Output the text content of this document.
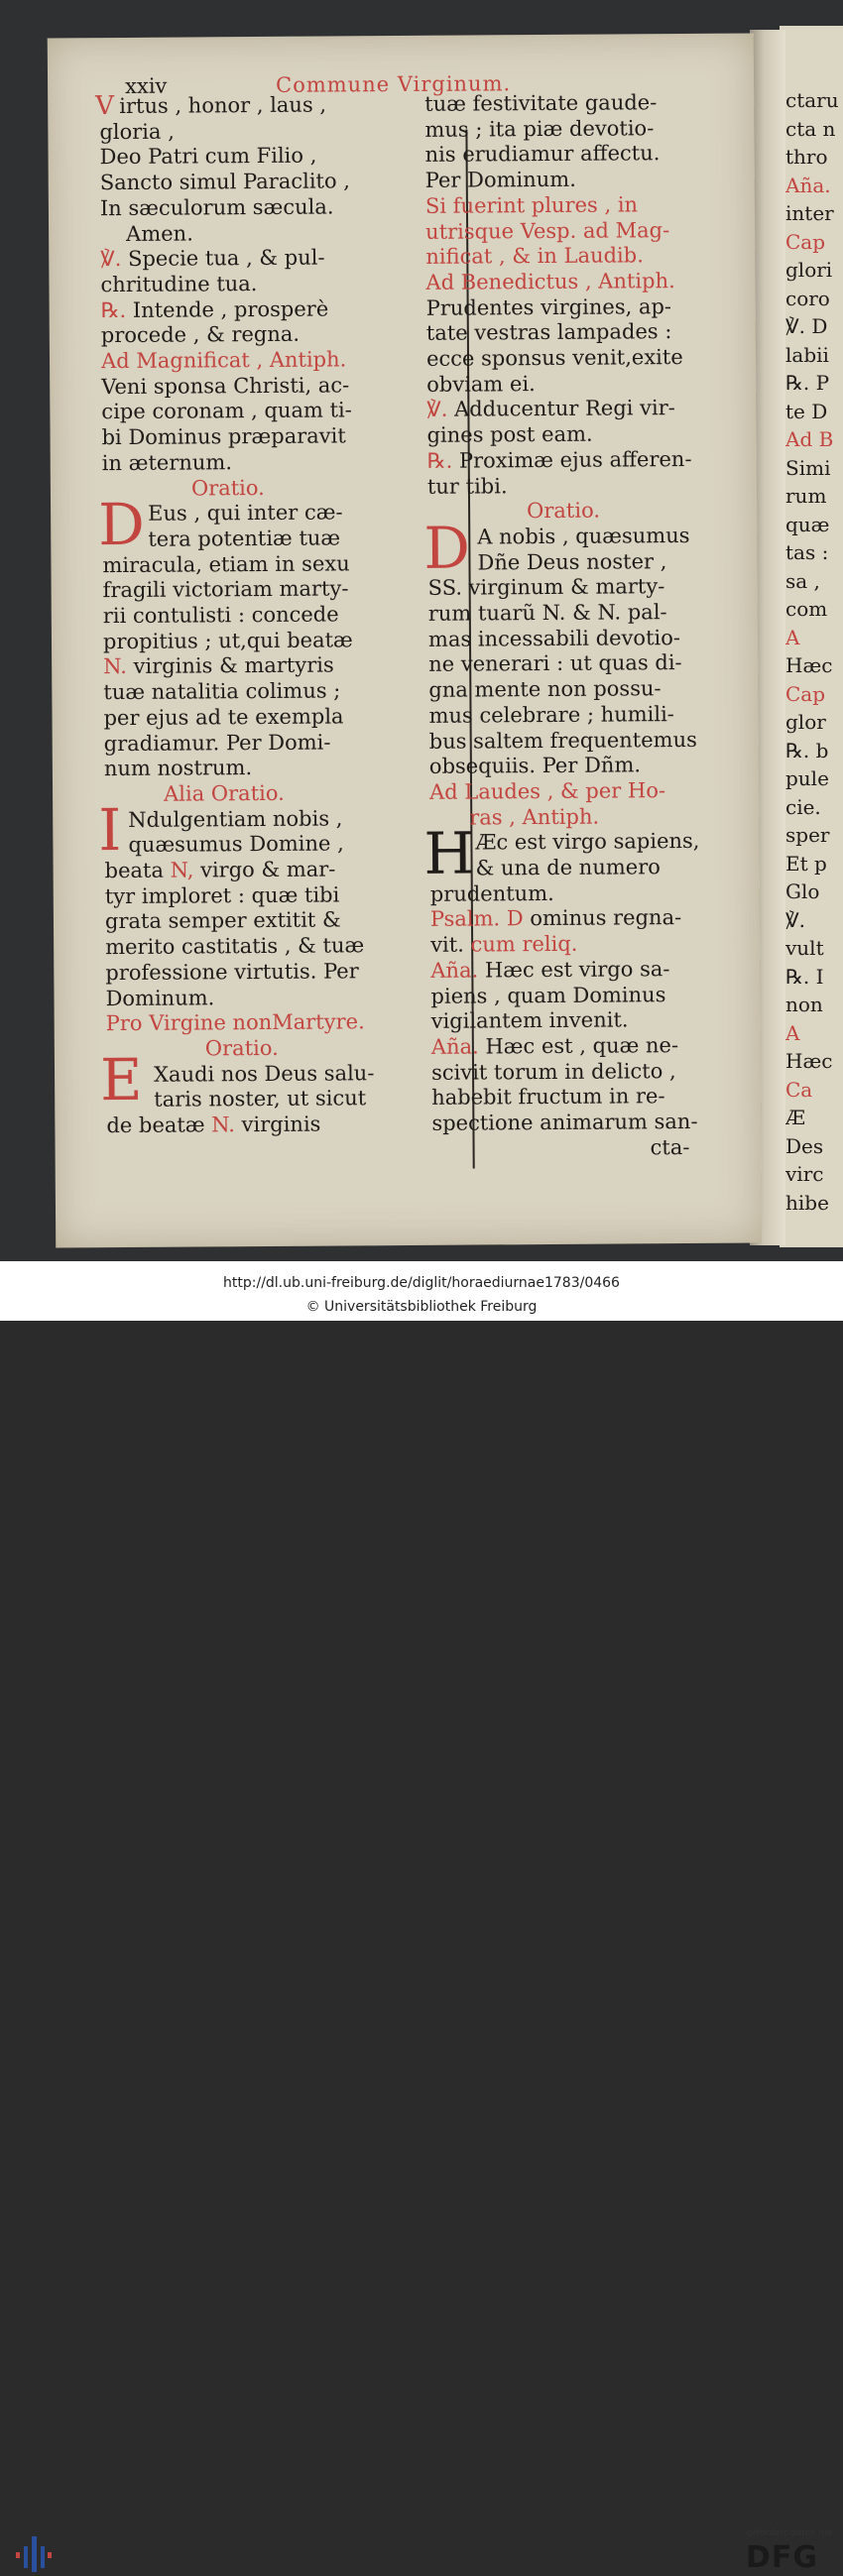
ctaru
cta n
thro
Aña.
inter
Cap
glori
coro
℣. D
labii
℞. P
te D
Ad B
Simi
rum
quæ
tas :
sa ,
com
A
Hæc
Cap
glor
℞. b
pule
cie.
sper
Et p
Glo
℣.
vult
℞. I
non
A
Hæc
Ca
Æ
Des
virc
hibe
xxiv	Commune Virginum.
irtus , honor , laus ,
gloria ,
Deo Patri cum Filio ,
Sancto simul Paraclito ,
In sæculorum sæcula.
Amen.
℣. Specie tua , & pul-
chritudine tua.
℞. Intende , prosperè
procede , & regna.
Ad Magnificat , Antiph.
Veni sponsa Christi, ac-
cipe coronam , quam ti-
bi Dominus præparavit
in æternum.
Oratio.
Eus , qui inter cæ-
tera potentiæ tuæ
miracula, etiam in sexu
fragili victoriam marty-
rii contulisti : concede
propitius ; ut,qui beatæ
N. virginis & martyris
tuæ natalitia colimus ;
per ejus ad te exempla
gradiamur. Per Domi-
num nostrum.
Alia Oratio.
Ndulgentiam nobis ,
quæsumus Domine ,
beata N, virgo & mar-
tyr imploret : quæ tibi
grata semper extitit &
merito castitatis , & tuæ
professione virtutis. Per
Dominum.
Pro Virgine nonMartyre.
Oratio.
Xaudi nos Deus salu-
taris noster, ut sicut
de beatæ N. virginis
tuæ festivitate gaude-
mus ; ita piæ devotio-
nis erudiamur affectu.
Per Dominum.
Si fuerint plures , in
utrisque Vesp. ad Mag-
nificat , & in Laudib.
Ad Benedictus , Antiph.
Prudentes virgines, ap-
tate vestras lampades :
ecce sponsus venit,exite
obviam ei.
℣. Adducentur Regi vir-
gines post eam.
℞. Proximæ ejus afferen-
tur tibi.
Oratio.
A nobis , quæsumus
Dñe Deus noster ,
SS. virginum & marty-
rum tuarũ N. & N. pal-
mas incessabili devotio-
ne venerari : ut quas di-
gna mente non possu-
mus celebrare ; humili-
bus saltem frequentemus
obsequiis. Per Dñm.
Ad Laudes , & per Ho-
ras , Antiph.
Æc est virgo sapiens,
& una de numero
prudentum.
Psalm. D ominus regna-
vit. cum reliq.
Aña. Hæc est virgo sa-
piens , quam Dominus
vigilantem invenit.
Aña. Hæc est , quæ ne-
scivit torum in delicto ,
habebit fructum in re-
spectione animarum san-
cta-
V
D
I
E
D
H
http://dl.ub.uni-freiburg.de/diglit/horaediurnae1783/0466
© Universitätsbibliothek Freiburg
gefördert durch die
DFG
